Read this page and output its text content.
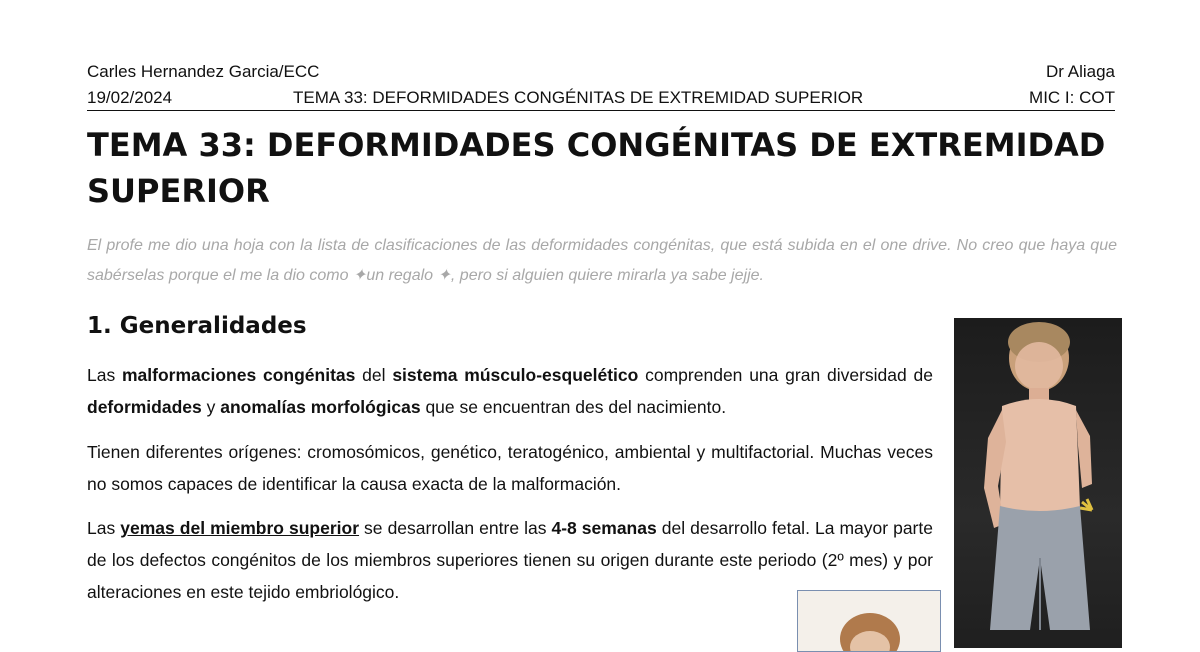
Carles Hernandez Garcia/ECC	Dr Aliaga
19/02/2024	TEMA 33: DEFORMIDADES CONGÉNITAS DE EXTREMIDAD SUPERIOR	MIC I: COT
TEMA 33: DEFORMIDADES CONGÉNITAS DE EXTREMIDAD
SUPERIOR
El profe me dio una hoja con la lista de clasificaciones de las deformidades congénitas, que está subida en el one drive. No creo que haya que sabérselas porque el me la dio como ✦un regalo ✦, pero si alguien quiere mirarla ya sabe jejje.
1. Generalidades
Las malformaciones congénitas del sistema músculo-esquelético comprenden una gran diversidad de deformidades y anomalías morfológicas que se encuentran des del nacimiento.
Tienen diferentes orígenes: cromosómicos, genético, teratogénico, ambiental y multifactorial. Muchas veces no somos capaces de identificar la causa exacta de la malformación.
Las yemas del miembro superior se desarrollan entre las 4-8 semanas del desarrollo fetal. La mayor parte de los defectos congénitos de los miembros superiores tienen su origen durante este periodo (2º mes) y por alteraciones en este tejido embriológico.
